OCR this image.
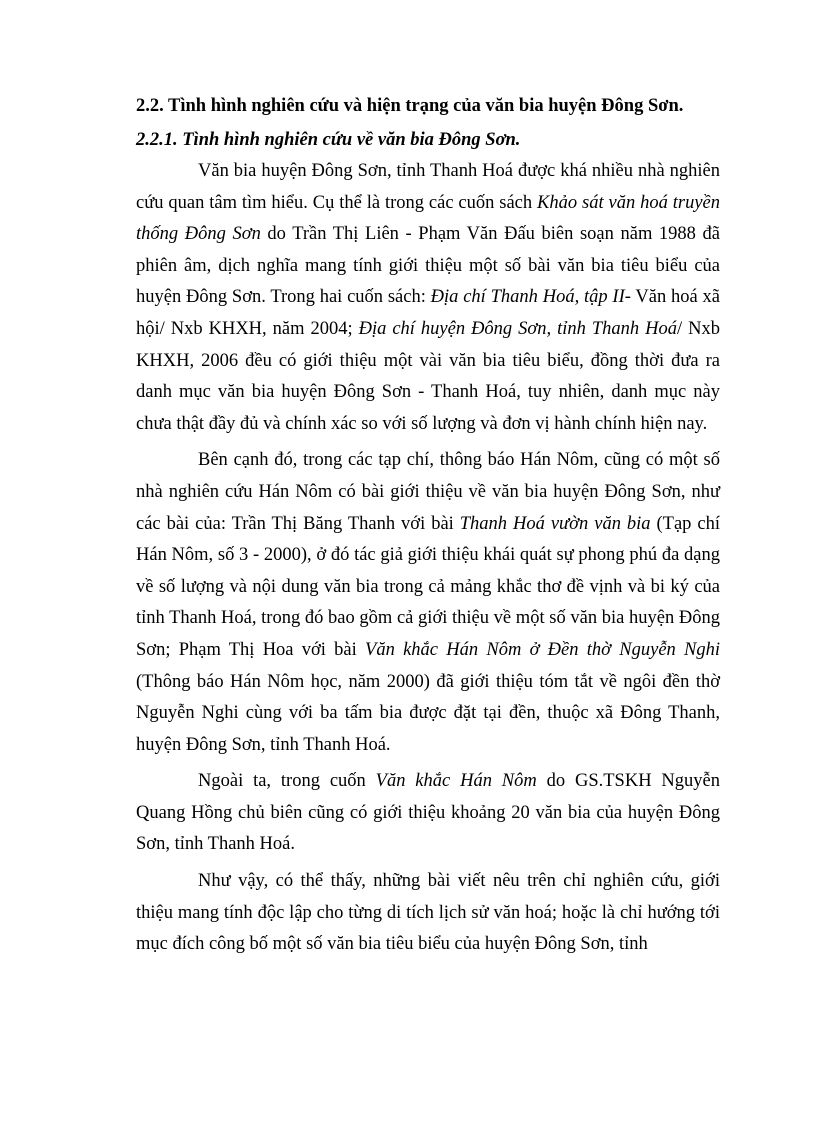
2.2. Tình hình nghiên cứu và hiện trạng của văn bia huyện Đông Sơn.
2.2.1. Tình hình nghiên cứu về văn bia Đông Sơn.

Văn bia huyện Đông Sơn, tỉnh Thanh Hoá được khá nhiều nhà nghiên cứu quan tâm tìm hiểu. Cụ thể là trong các cuốn sách Khảo sát văn hoá truyền thống Đông Sơn do Trần Thị Liên - Phạm Văn Đấu biên soạn năm 1988 đã phiên âm, dịch nghĩa mang tính giới thiệu một số bài văn bia tiêu biểu của huyện Đông Sơn. Trong hai cuốn sách: Địa chí Thanh Hoá, tập II- Văn hoá xã hội/ Nxb KHXH, năm 2004; Địa chí huyện Đông Sơn, tỉnh Thanh Hoá/ Nxb KHXH, 2006 đều có giới thiệu một vài văn bia tiêu biểu, đồng thời đưa ra danh mục văn bia huyện Đông Sơn - Thanh Hoá, tuy nhiên, danh mục này chưa thật đầy đủ và chính xác so với số lượng và đơn vị hành chính hiện nay.

Bên cạnh đó, trong các tạp chí, thông báo Hán Nôm, cũng có một số nhà nghiên cứu Hán Nôm có bài giới thiệu về văn bia huyện Đông Sơn, như các bài của: Trần Thị Băng Thanh với bài Thanh Hoá vườn văn bia (Tạp chí Hán Nôm, số 3 - 2000), ở đó tác giả giới thiệu khái quát sự phong phú đa dạng về số lượng và nội dung văn bia trong cả mảng khắc thơ đề vịnh và bi ký của tỉnh Thanh Hoá, trong đó bao gồm cả giới thiệu về một số văn bia huyện Đông Sơn; Phạm Thị Hoa với bài Văn khắc Hán Nôm ở Đền thờ Nguyễn Nghi (Thông báo Hán Nôm học, năm 2000) đã giới thiệu tóm tắt về ngôi đền thờ Nguyễn Nghi cùng với ba tấm bia được đặt tại đền, thuộc xã Đông Thanh, huyện Đông Sơn, tỉnh Thanh Hoá.

Ngoài ta, trong cuốn Văn khắc Hán Nôm do GS.TSKH Nguyễn Quang Hồng chủ biên cũng có giới thiệu khoảng 20 văn bia của huyện Đông Sơn, tỉnh Thanh Hoá.

Như vậy, có thể thấy, những bài viết nêu trên chỉ nghiên cứu, giới thiệu mang tính độc lập cho từng di tích lịch sử văn hoá; hoặc là chỉ hướng tới mục đích công bố một số văn bia tiêu biểu của huyện Đông Sơn, tỉnh
